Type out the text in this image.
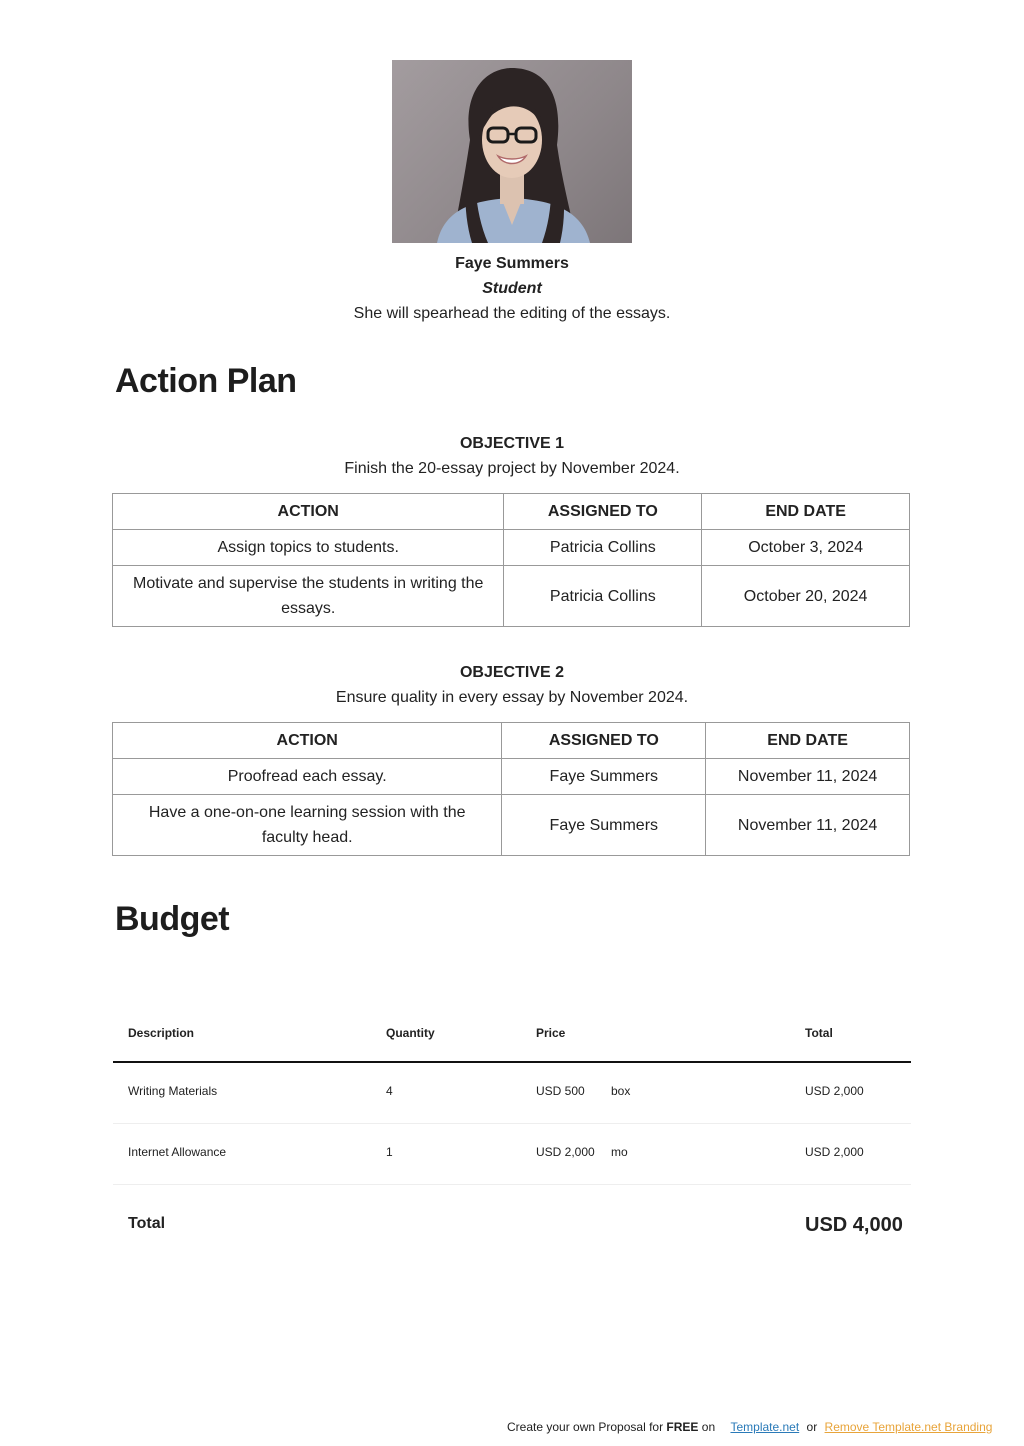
Faye Summers
Student
She will spearhead the editing of the essays.
Action Plan
OBJECTIVE 1
Finish the 20-essay project by November 2024.
ACTION	ASSIGNED TO	END DATE
Assign topics to students.	Patricia Collins	October 3, 2024
Motivate and supervise the students in writing the essays.	Patricia Collins	October 20, 2024
OBJECTIVE 2
Ensure quality in every essay by November 2024.
ACTION	ASSIGNED TO	END DATE
Proofread each essay.	Faye Summers	November 11, 2024
Have a one-on-one learning session with the faculty head.	Faye Summers	November 11, 2024
Budget
Description	Quantity	Price	Total
Writing Materials	4	USD 500 box	USD 2,000
Internet Allowance	1	USD 2,000 mo	USD 2,000
Total	USD 4,000
Create your own Proposal for FREE on Template.net or Remove Template.net Branding
